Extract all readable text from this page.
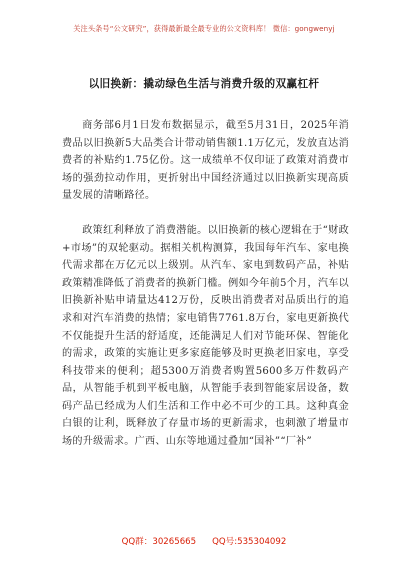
关注头条号“公文研究”，获得最新最全最专业的公文资料库！ 微信：gongwenyj
以旧换新：撬动绿色生活与消费升级的双赢杠杆

商务部6月1日发布数据显示，截至5月31日，2025年消费品以旧换新5大品类合计带动销售额1.1万亿元，发放直达消费者的补贴约1.75亿份。这一成绩单不仅印证了政策对消费市场的强劲拉动作用，更折射出中国经济通过以旧换新实现高质量发展的清晰路径。

政策红利释放了消费潜能。以旧换新的核心逻辑在于“财政+市场”的双轮驱动。据相关机构测算，我国每年汽车、家电换代需求都在万亿元以上级别。从汽车、家电到数码产品，补贴政策精准降低了消费者的换新门槛。例如今年前5个月，汽车以旧换新补贴申请量达412万份，反映出消费者对品质出行的追求和对汽车消费的热情；家电销售7761.8万台，家电更新换代不仅能提升生活的舒适度，还能满足人们对节能环保、智能化的需求，政策的实施让更多家庭能够及时更换老旧家电，享受科技带来的便利；超5300万消费者购置5600多万件数码产品，从智能手机到平板电脑，从智能手表到智能家居设备，数码产品已经成为人们生活和工作中必不可少的工具。这种真金白银的让利，既释放了存量市场的更新需求，也刺激了增量市场的升级需求。广西、山东等地通过叠加“国补”“厂补”

QQ群：30265665 QQ号:535304092
